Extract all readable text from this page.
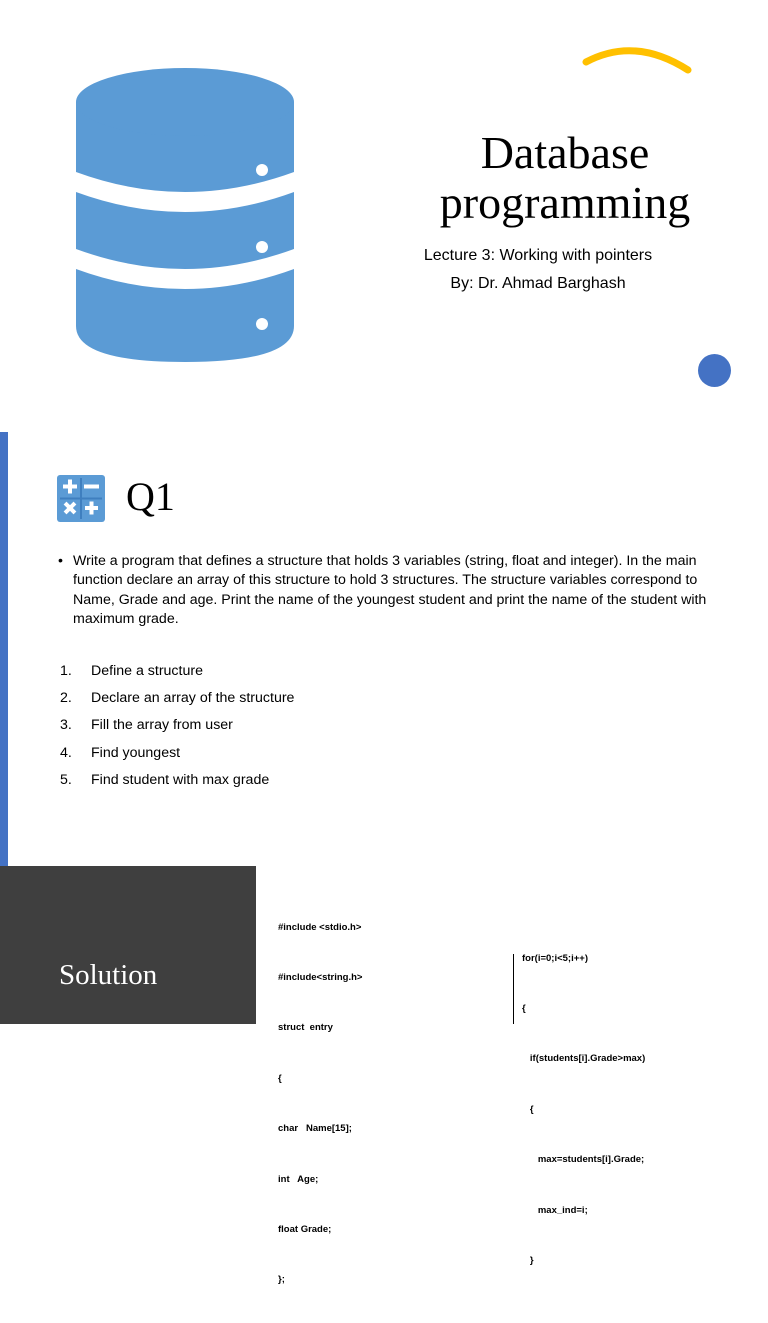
Database
programming
Lecture 3: Working with pointers
By: Dr. Ahmad Barghash
Q1
• Write a program that defines a structure that holds 3 variables (string, float and integer). In the main function declare an array of this structure to hold 3 structures. The structure variables correspond to Name, Grade and age. Print the name of the youngest student and print the name of the student with maximum grade.
1.	Define a structure
2.	Declare an array of the structure
3.	Fill the array from user
4.	Find youngest
5.	Find student with max grade
Solution

#include <stdio.h>

#include<string.h>

struct  entry

{

char   Name[15];

int   Age;

float Grade;

};

for(i=0;i<5;i++)

{

if(students[i].Grade>max)

{

max=students[i].Grade;

max_ind=i;

}
